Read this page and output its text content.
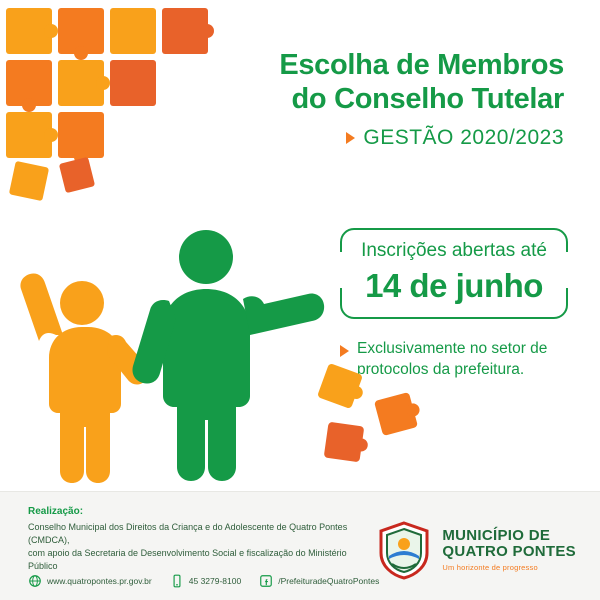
Escolha de Membros
do Conselho Tutelar
GESTÃO 2020/2023
Inscrições abertas até
14 de junho
Exclusivamente no setor de
protocolos da prefeitura.
Realização:
Conselho Municipal dos Direitos da Criança e do Adolescente de Quatro Pontes (CMDCA),
com apoio da Secretaria de Desenvolvimento Social e fiscalização do Ministério Público
www.quatropontes.pr.gov.br	45 3279-8100	/PrefeituradeQuatroPontes
MUNICÍPIO DE
QUATRO PONTES
Um horizonte de progresso
